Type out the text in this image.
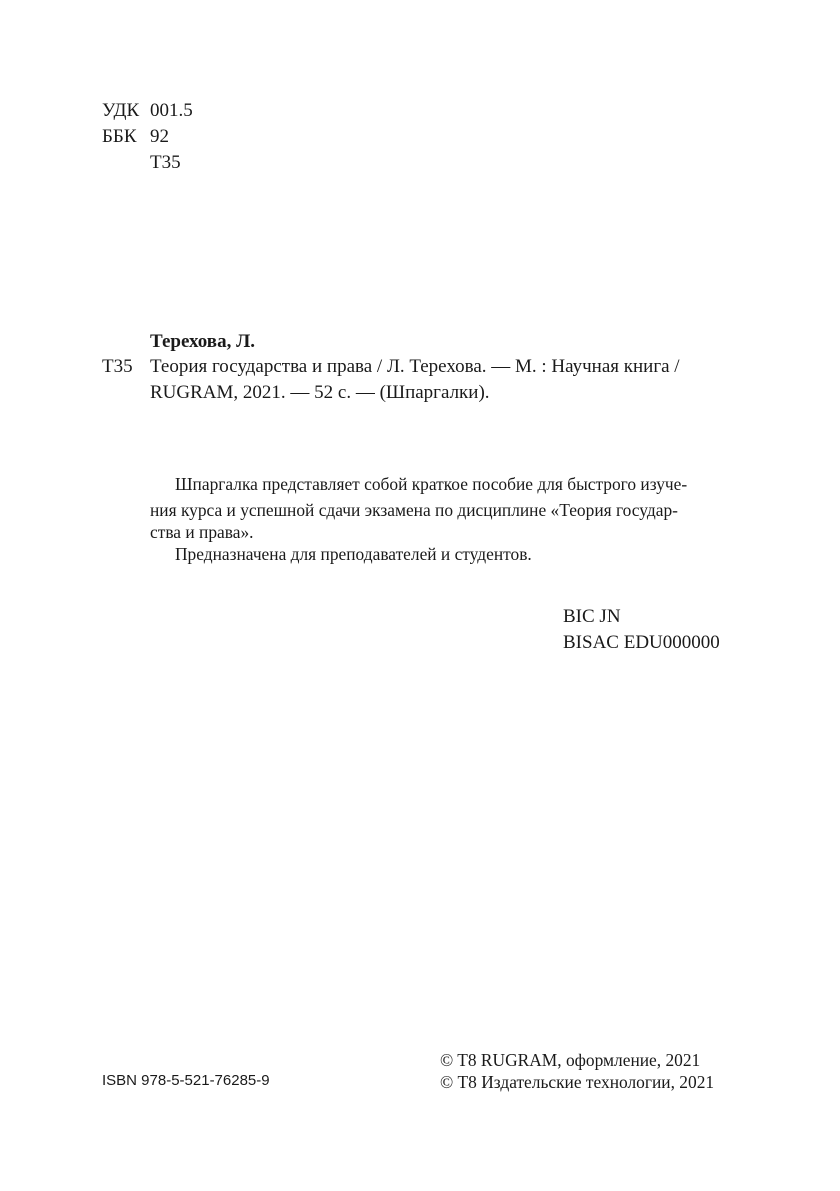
УДК 001.5
ББК 92
Т35
Терехова, Л.
Т35 Теория государства и права / Л. Терехова. — М. : Научная книга /
RUGRAM, 2021. — 52 с. — (Шпаргалки).
Шпаргалка представляет собой краткое пособие для быстрого изуче-
ния курса и успешной сдачи экзамена по дисциплине «Теория государ-
ства и права».
Предназначена для преподавателей и студентов.
BIC JN
BISAC EDU000000
ISBN 978-5-521-76285-9
© T8 RUGRAM, оформление, 2021
© Т8 Издательские технологии, 2021
